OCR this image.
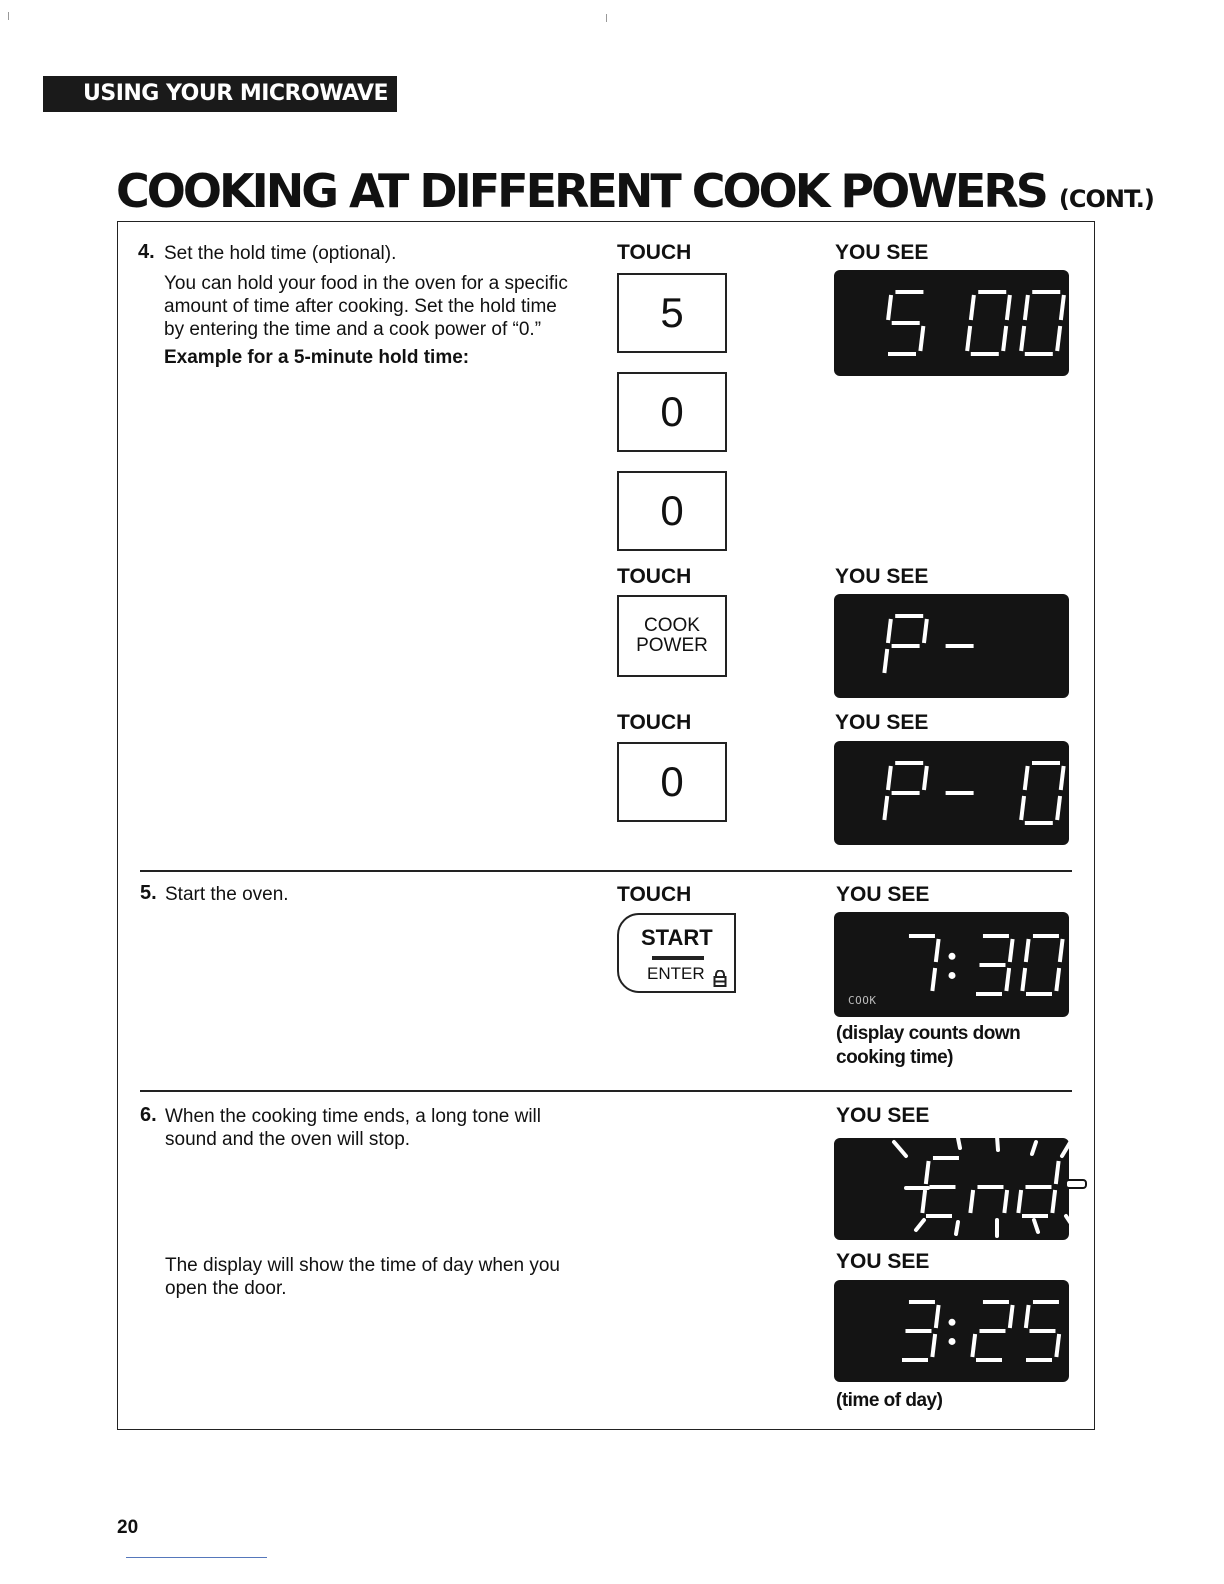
USING YOUR MICROWAVE OVEN
COOKING AT DIFFERENT COOK POWERS (CONT.)
4. Set the hold time (optional).
You can hold your food in the oven for a specific
amount of time after cooking. Set the hold time
by entering the time and a cook power of “0.”
Example for a 5-minute hold time:
TOUCH	YOU SEE
5
0
0
TOUCH	YOU SEE
COOK
POWER
TOUCH	YOU SEE
0
5. Start the oven.	TOUCH	YOU SEE
START
ENTER
COOK
(display counts down
cooking time)
6. When the cooking time ends, a long tone will
sound and the oven will stop.
YOU SEE
The display will show the time of day when you
open the door.
YOU SEE
(time of day)
20
